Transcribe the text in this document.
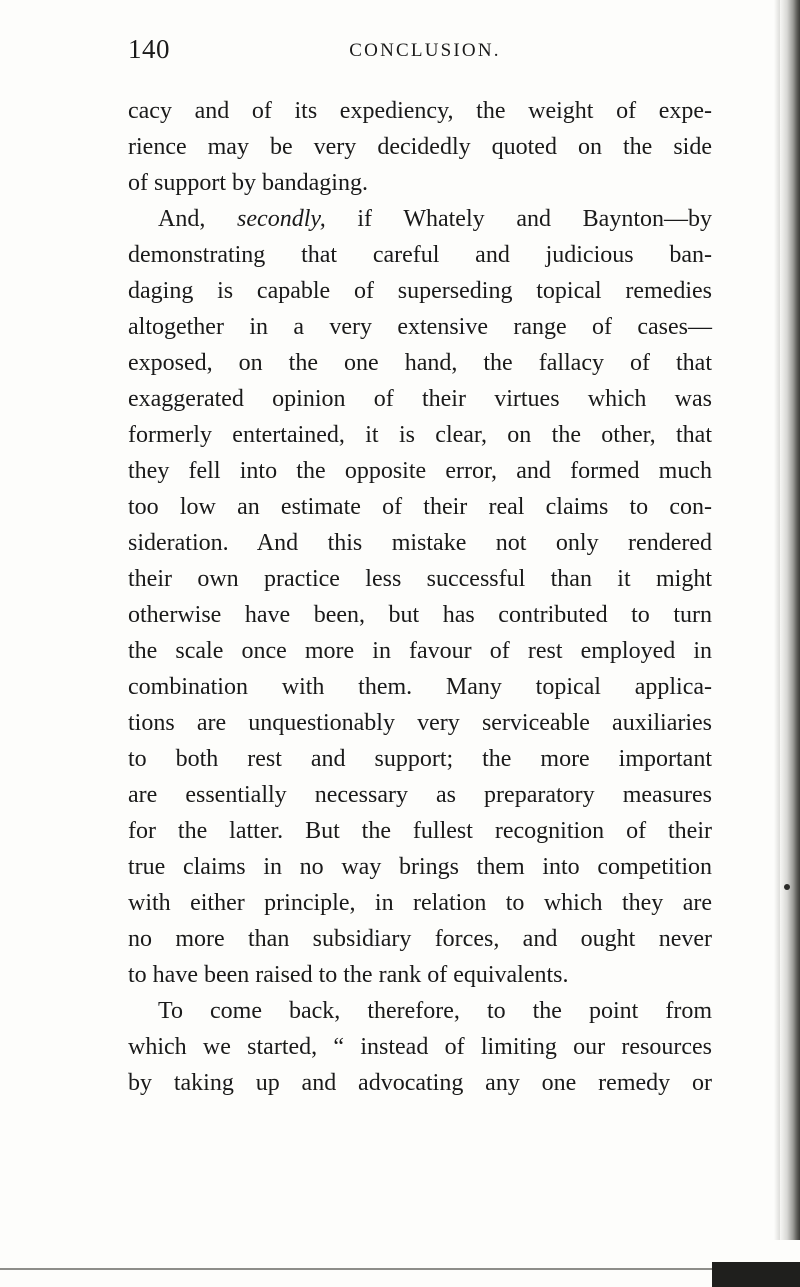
140	CONCLUSION.
cacy and of its expediency, the weight of expe-
rience may be very decidedly quoted on the side
of support by bandaging.
And, secondly, if Whately and Baynton—by
demonstrating that careful and judicious ban-
daging is capable of superseding topical remedies
altogether in a very extensive range of cases—
exposed, on the one hand, the fallacy of that
exaggerated opinion of their virtues which was
formerly entertained, it is clear, on the other, that
they fell into the opposite error, and formed much
too low an estimate of their real claims to con-
sideration. And this mistake not only rendered
their own practice less successful than it might
otherwise have been, but has contributed to turn
the scale once more in favour of rest employed in
combination with them. Many topical applica-
tions are unquestionably very serviceable auxiliaries
to both rest and support; the more important
are essentially necessary as preparatory measures
for the latter. But the fullest recognition of their
true claims in no way brings them into competition
with either principle, in relation to which they are
no more than subsidiary forces, and ought never
to have been raised to the rank of equivalents.
To come back, therefore, to the point from
which we started, “ instead of limiting our resources
by taking up and advocating any one remedy or
